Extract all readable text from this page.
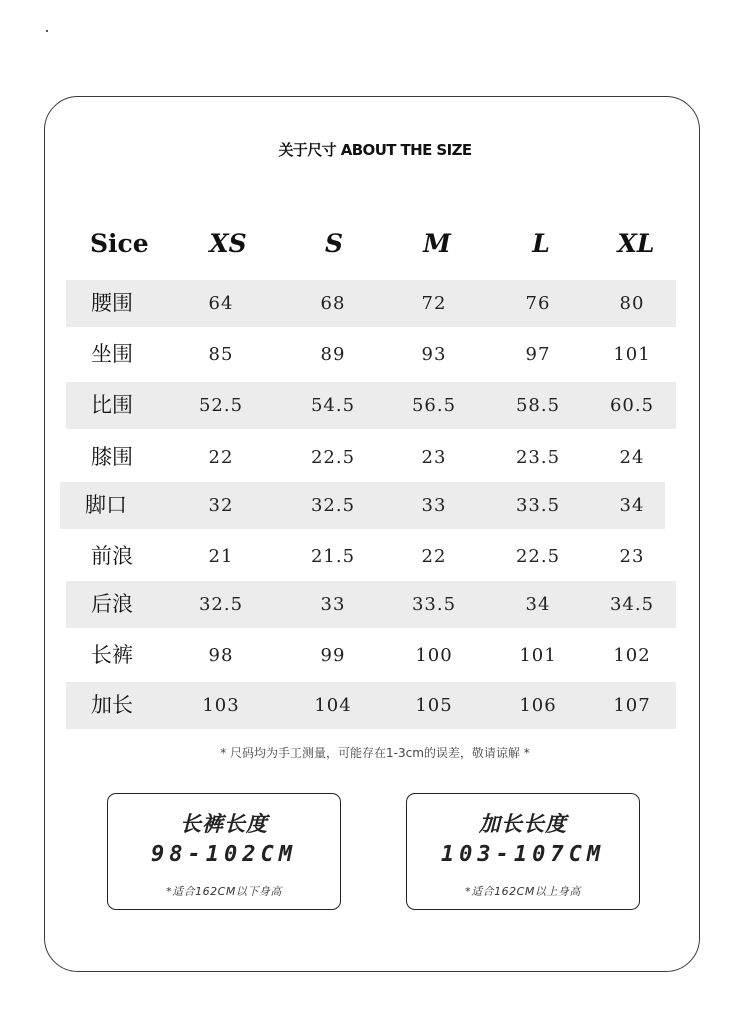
关于尺寸 ABOUT THE SIZE
Sice	XS	S	M	L	XL
腰围	64	68	72	76	80
坐围	85	89	93	97	101
比围	52.5	54.5	56.5	58.5	60.5
膝围	22	22.5	23	23.5	24
脚口	32	32.5	33	33.5	34
前浪	21	21.5	22	22.5	23
后浪	32.5	33	33.5	34	34.5
长裤	98	99	100	101	102
加长	103	104	105	106	107
* 尺码均为手工测量，可能存在1-3cm的误差，敬请谅解 *
长裤长度
98-102CM
*适合162CM以下身高
加长长度
103-107CM
*适合162CM以上身高
